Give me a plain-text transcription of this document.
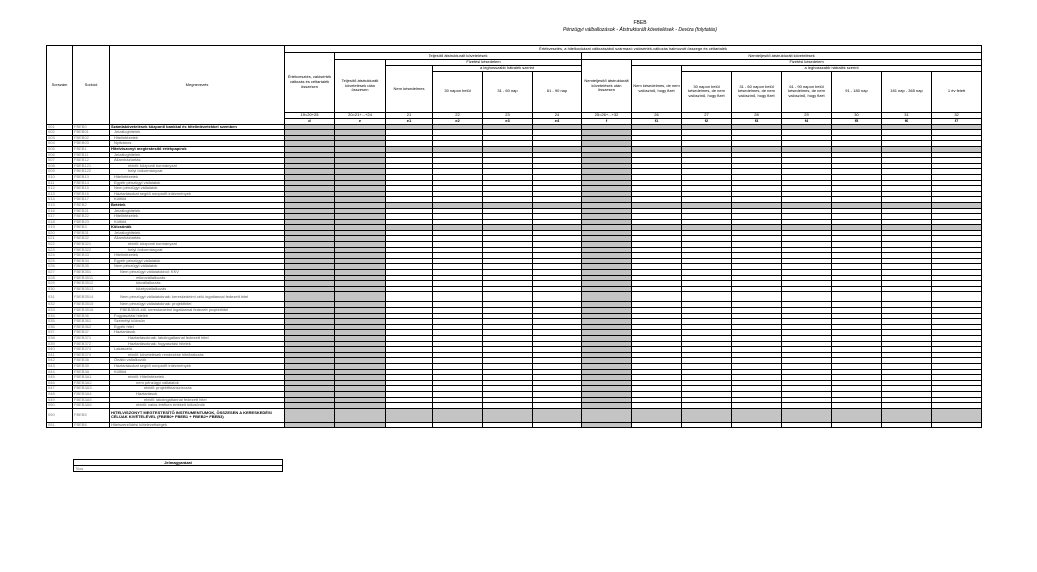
FBEB
Pénzügyi válballozások - Átstrukturált követelések - Deviza (folytatás)
Sorszám	Sorkód	Megnevezés	Értékvesztés, a hitelkockázat változásából származó valósérték-változás halmozott összege és céltartalék													
			Értékvesztés, valósérték változás és céltartalék összesen	Teljesítő átstrukturált követelések					Nemteljesítő átstrukturált követelések							
				Teljesítő átstrukturált követelések után összesen	Fizetési késedelem				Nemteljesítő átstrukturált követelések után összesen	Fizetési késedelem						
					Nem késedelmes	a leghosszabb hátralék szerint				Nem késedelmes, de nem valószínű, hogy fizet	a leghosszabb hátralék szerint					
						30 napon belül	31 - 60 nap	61 - 90 nap			30 napon belül késedelmes, de nem valószínű, hogy fizet	31 - 60 napon belül késedelmes, de nem valószínű, hogy fizet	61 - 90 napon belül késedelmes, de nem valószínű, hogy fizet	91 - 180 nap	181 nap - 365 nap	1 év felett
			19=20+25	20=21+...+24	21	22	23	24	25=26+...+32	26	27	28	29	30	31	32
			d	e	e1	e2	e3	e4	f	f1	f2	f3	f4	f5	f6	f7
001	FBEB0	Számlakövetelések központi bankkal és hitelintézetekkel szemben														
002	FBEB01	Jelzáloghitelek														
003	FBEB02	Hitelintézetek														
004	FBEB03	Nyilvános														
005	FBEB1	Hitelviszonyt megtestesítő értékpapírok														
006	FBEB11	Jelzáloghitelek														
007	FBEB12	Államháztartás														
008	FBEB121	ebből: központi kormányzat														
009	FBEB122	helyi önkormányzat														
010	FBEB13	Hitelintézetek														
011	FBEB14	Egyéb pénzügyi vállalatok														
012	FBEB15	Nem pénzügyi vállalatok														
013	FBEB16	Háztartásokat segítő nonprofit intézmények														
014	FBEB17	Külföld														
015	FBEB2	Betétek														
016	FBEB21	Jelzáloghitelek														
017	FBEB22	Hitelintézetek														
018	FBEB23	Külföld														
019	FBEB3	Kölcsönök														
020	FBEB31	Jelzáloghitelek														
021	FBEB32	Államháztartás														
022	FBEB321	ebből: központi kormányzat														
023	FBEB322	helyi önkormányzat														
024	FBEB33	Hitelintézetek														
025	FBEB34	Egyéb pénzügyi vállalatok														
026	FBEB35	Nem pénzügyi vállalatok														
027	FBEB351	Nem pénzügyi vállalatokból: KKV														
028	FBEB3511	mikrovállalkozás														
029	FBEB3512	kisvállalkozás														
030	FBEB3513	középvállalkozás														
031	FBEB3514	Nem pénzügyi vállalatoknak: kereskedelmi célú ingatlannal fedezett hitel														
032	FBEB3515	Nem pénzügyi vállalatoknak: projekthitel														
033	FBEB3516	FBEB3515-ből: kereskedelmi ingatlannal fedezett projekthitel														
034	FBEB36	Fogyasztási hitelek														
035	FBEB361	Személyi kölcsön														
036	FBEB362	Egyéb hitel														
037	FBEB37	Háztartások														
038	FBEB371	Háztartásoknak: lakóingatlannal fedezett hitel														
039	FBEB372	Háztartásoknak: fogyasztási hitelek														
040	FBEB373	Lakáscélú														
041	FBEB374	ebből: követelések rendezése hiteltartozás														
042	FBEB38	Önálló vállalkozók														
043	FBEB39	Háztartásokat segítő nonprofit intézmények														
044	FBEB3A	Külföld														
045	FBEB3A1	ebből: Hitelintézetek														
046	FBEB3A2	nem pénzügyi vállalatok														
047	FBEB3A3	ebből: projektfinanszírozás														
048	FBEB3A4	Háztartások														
049	FBEB3A5	ebből: lakóingatlannal fedezett hitel														
050	FBEB3A6	ebből: valós értéken értékelt kölcsönök														
050	FBEB5	HITELVISZONYT MEGTESTESÍTŐ INSTRUMENTUMOK, ÖSSZESEN A KERESKEDÉSI CÉLÚAK KIVÉTELÉVEL (FBEB0+ FBEB1 + FBEB2+ FBEB3)														
051	FBEB6	Hitelszerződési kötelezettségek														
Jelmagyarázat
Tilos
